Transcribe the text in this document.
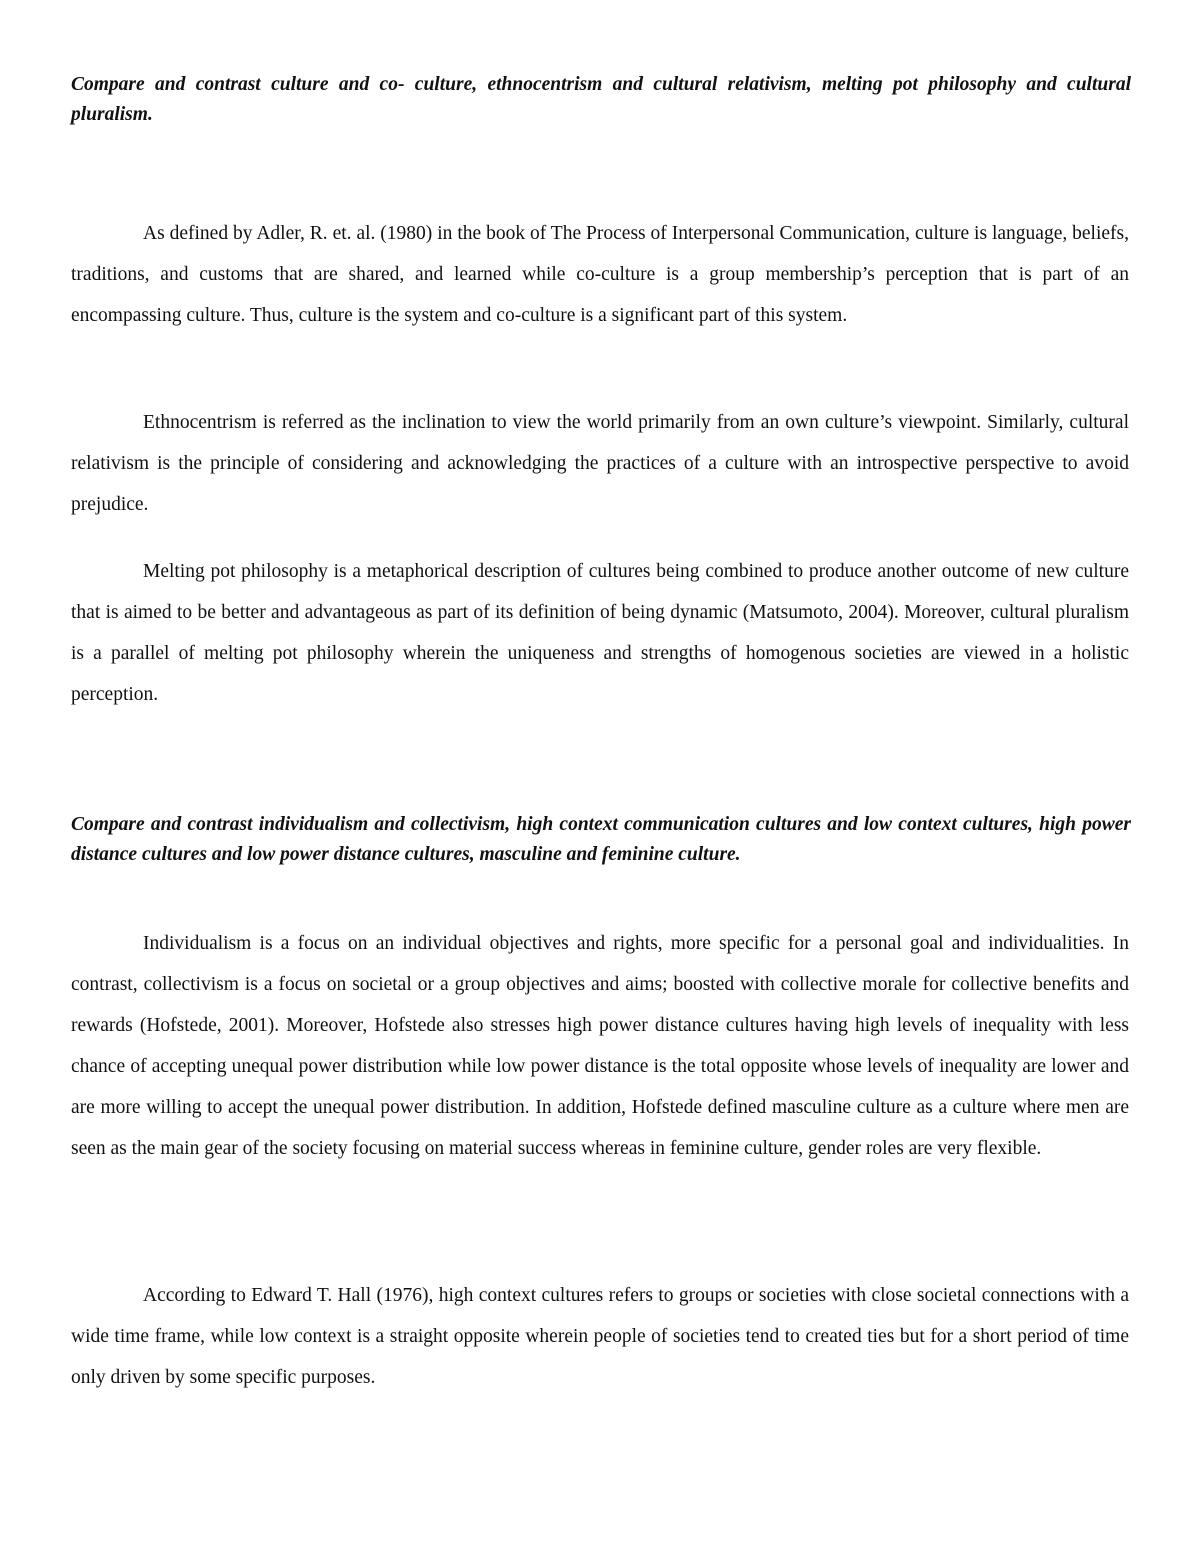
Compare and contrast culture and co- culture, ethnocentrism and cultural relativism, melting pot philosophy and cultural pluralism.

As defined by Adler, R. et. al. (1980) in the book of The Process of Interpersonal Communication, culture is language, beliefs, traditions, and customs that are shared, and learned while co-culture is a group membership’s perception that is part of an encompassing culture. Thus, culture is the system and co-culture is a significant part of this system.

Ethnocentrism is referred as the inclination to view the world primarily from an own culture’s viewpoint. Similarly, cultural relativism is the principle of considering and acknowledging the practices of a culture with an introspective perspective to avoid prejudice.

Melting pot philosophy is a metaphorical description of cultures being combined to produce another outcome of new culture that is aimed to be better and advantageous as part of its definition of being dynamic (Matsumoto, 2004). Moreover, cultural pluralism is a parallel of melting pot philosophy wherein the uniqueness and strengths of homogenous societies are viewed in a holistic perception.

Compare and contrast individualism and collectivism, high context communication cultures and low context cultures, high power distance cultures and low power distance cultures, masculine and feminine culture.

Individualism is a focus on an individual objectives and rights, more specific for a personal goal and individualities. In contrast, collectivism is a focus on societal or a group objectives and aims; boosted with collective morale for collective benefits and rewards (Hofstede, 2001). Moreover, Hofstede also stresses high power distance cultures having high levels of inequality with less chance of accepting unequal power distribution while low power distance is the total opposite whose levels of inequality are lower and are more willing to accept the unequal power distribution. In addition, Hofstede defined masculine culture as a culture where men are seen as the main gear of the society focusing on material success whereas in feminine culture, gender roles are very flexible.

According to Edward T. Hall (1976), high context cultures refers to groups or societies with close societal connections with a wide time frame, while low context is a straight opposite wherein people of societies tend to created ties but for a short period of time only driven by some specific purposes.
